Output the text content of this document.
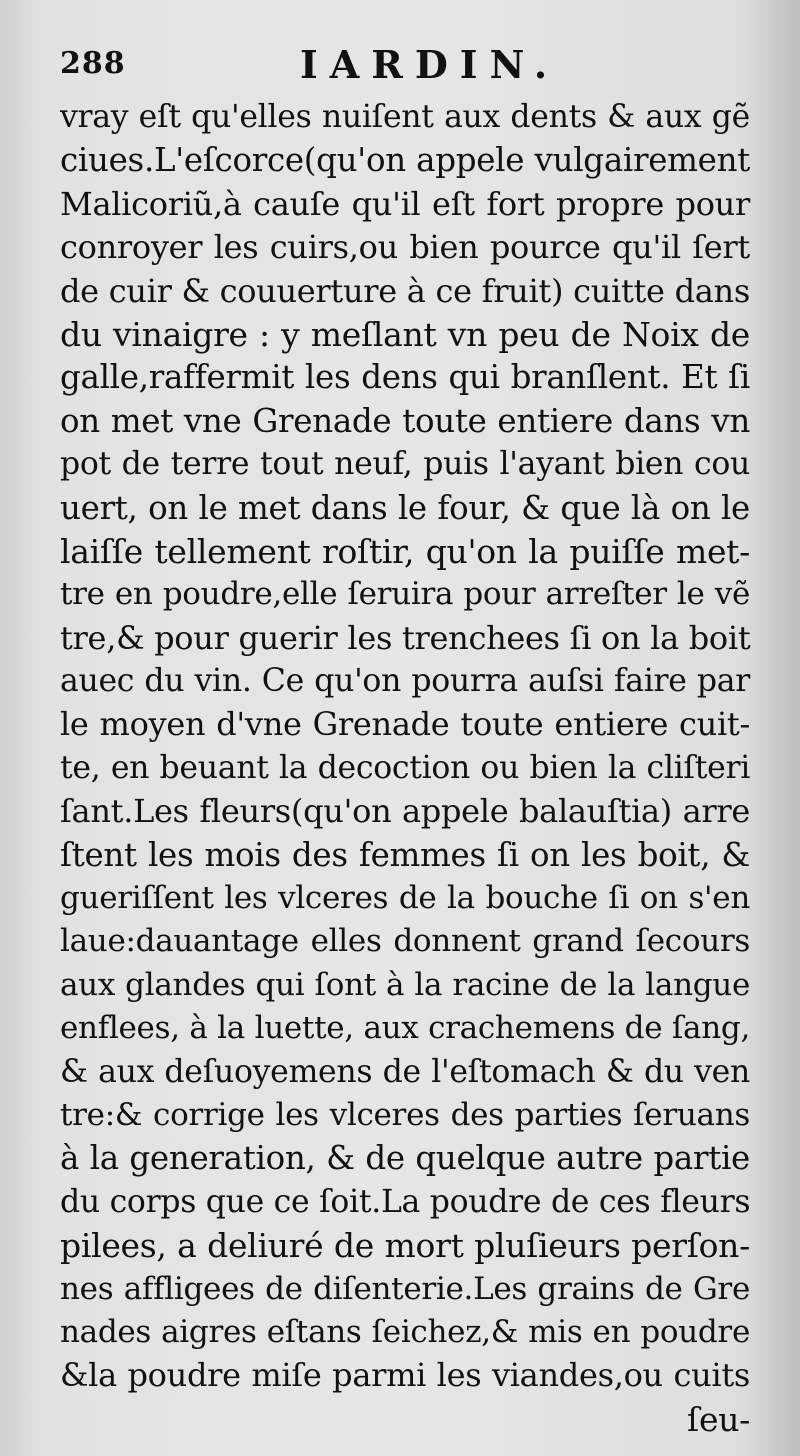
288	IARDIN.
vray eſt qu'elles nuiſent aux dents & aux gẽ
ciues.L'eſcorce(qu'on appele vulgairement
Malicoriũ,à cauſe qu'il eſt fort propre pour
conroyer les cuirs,ou bien pource qu'il ſert
de cuir & couuerture à ce fruit) cuitte dans
du vinaigre : y meſlant vn peu de Noix de
galle,raffermit les dens qui branſlent. Et ſi
on met vne Grenade toute entiere dans vn
pot de terre tout neuf, puis l'ayant bien cou
uert, on le met dans le four, & que là on le
laiſſe tellement roſtir, qu'on la puiſſe met-
tre en poudre,elle ſeruira pour arreſter le vẽ
tre,& pour guerir les trenchees ſi on la boit
auec du vin. Ce qu'on pourra auſsi faire par
le moyen d'vne Grenade toute entiere cuit-
te, en beuant la decoction ou bien la cliſteri
ſant.Les fleurs(qu'on appele balauſtia) arre
ſtent les mois des femmes ſi on les boit, &
gueriſſent les vlceres de la bouche ſi on s'en
laue:dauantage elles donnent grand ſecours
aux glandes qui ſont à la racine de la langue
enflees, à la luette, aux crachemens de ſang,
& aux deſuoyemens de l'eſtomach & du ven
tre:& corrige les vlceres des parties ſeruans
à la generation, & de quelque autre partie
du corps que ce ſoit.La poudre de ces fleurs
pilees, a deliuré de mort pluſieurs perſon-
nes affligees de diſenterie.Les grains de Gre
nades aigres eſtans ſeichez,& mis en poudre
&la poudre miſe parmi les viandes,ou cuits
ſeu-
